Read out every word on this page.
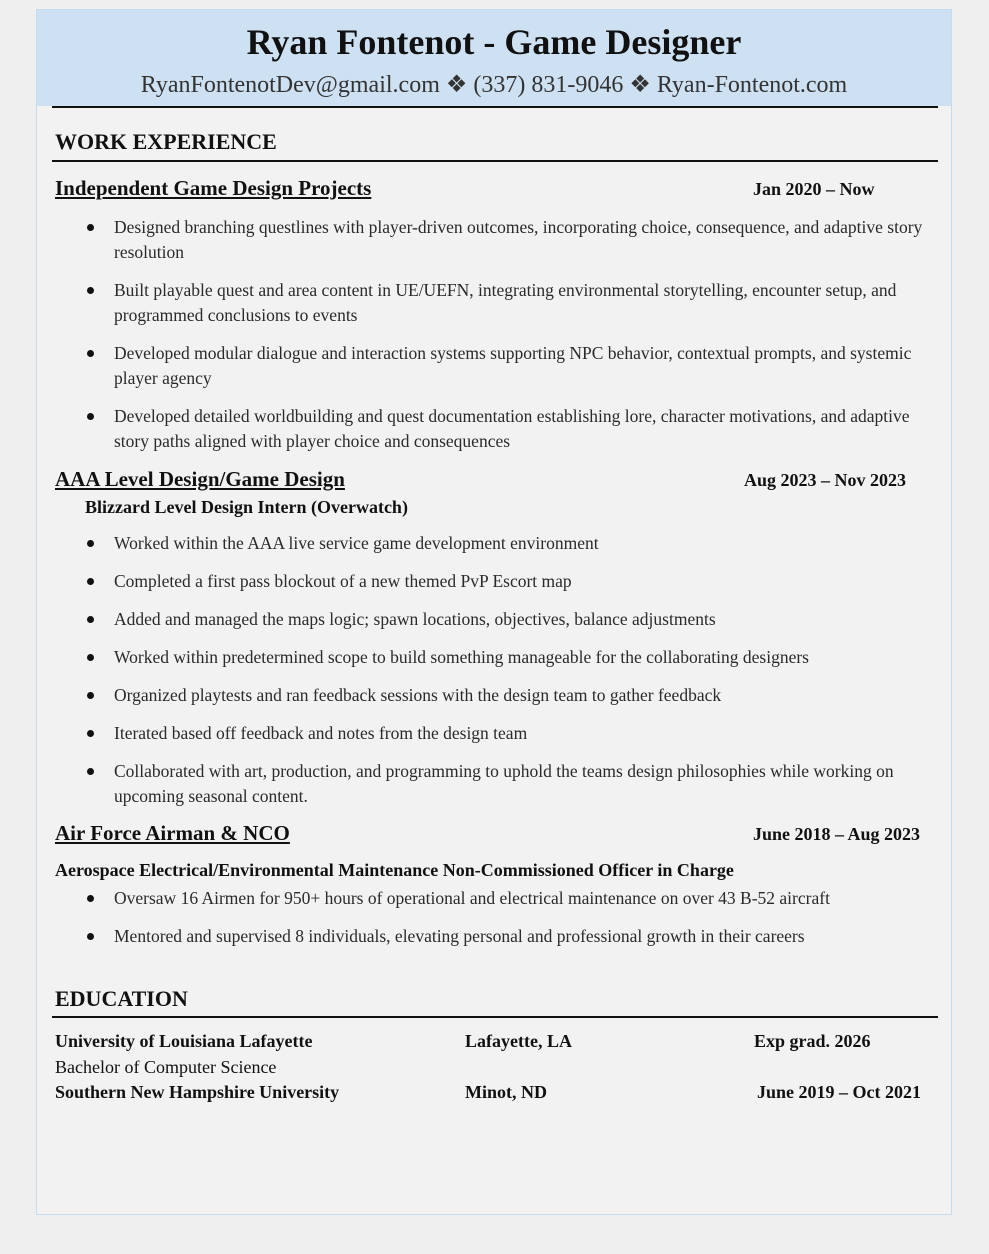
Ryan Fontenot - Game Designer
RyanFontenotDev@gmail.com ❖ (337) 831-9046 ❖ Ryan-Fontenot.com
WORK EXPERIENCE
Independent Game Design Projects	Jan 2020 – Now
Designed branching questlines with player-driven outcomes, incorporating choice, consequence, and adaptive story resolution
Built playable quest and area content in UE/UEFN, integrating environmental storytelling, encounter setup, and programmed conclusions to events
Developed modular dialogue and interaction systems supporting NPC behavior, contextual prompts, and systemic player agency
Developed detailed worldbuilding and quest documentation establishing lore, character motivations, and adaptive story paths aligned with player choice and consequences
AAA Level Design/Game Design	Aug 2023 – Nov 2023
Blizzard Level Design Intern (Overwatch)
Worked within the AAA live service game development environment
Completed a first pass blockout of a new themed PvP Escort map
Added and managed the maps logic; spawn locations, objectives, balance adjustments
Worked within predetermined scope to build something manageable for the collaborating designers
Organized playtests and ran feedback sessions with the design team to gather feedback
Iterated based off feedback and notes from the design team
Collaborated with art, production, and programming to uphold the teams design philosophies while working on upcoming seasonal content.
Air Force Airman & NCO	June 2018 – Aug 2023
Aerospace Electrical/Environmental Maintenance Non-Commissioned Officer in Charge
Oversaw 16 Airmen for 950+ hours of operational and electrical maintenance on over 43 B-52 aircraft
Mentored and supervised 8 individuals, elevating personal and professional growth in their careers
EDUCATION
University of Louisiana Lafayette	Lafayette, LA	Exp grad. 2026
Bachelor of Computer Science
Southern New Hampshire University	Minot, ND	June 2019 – Oct 2021
